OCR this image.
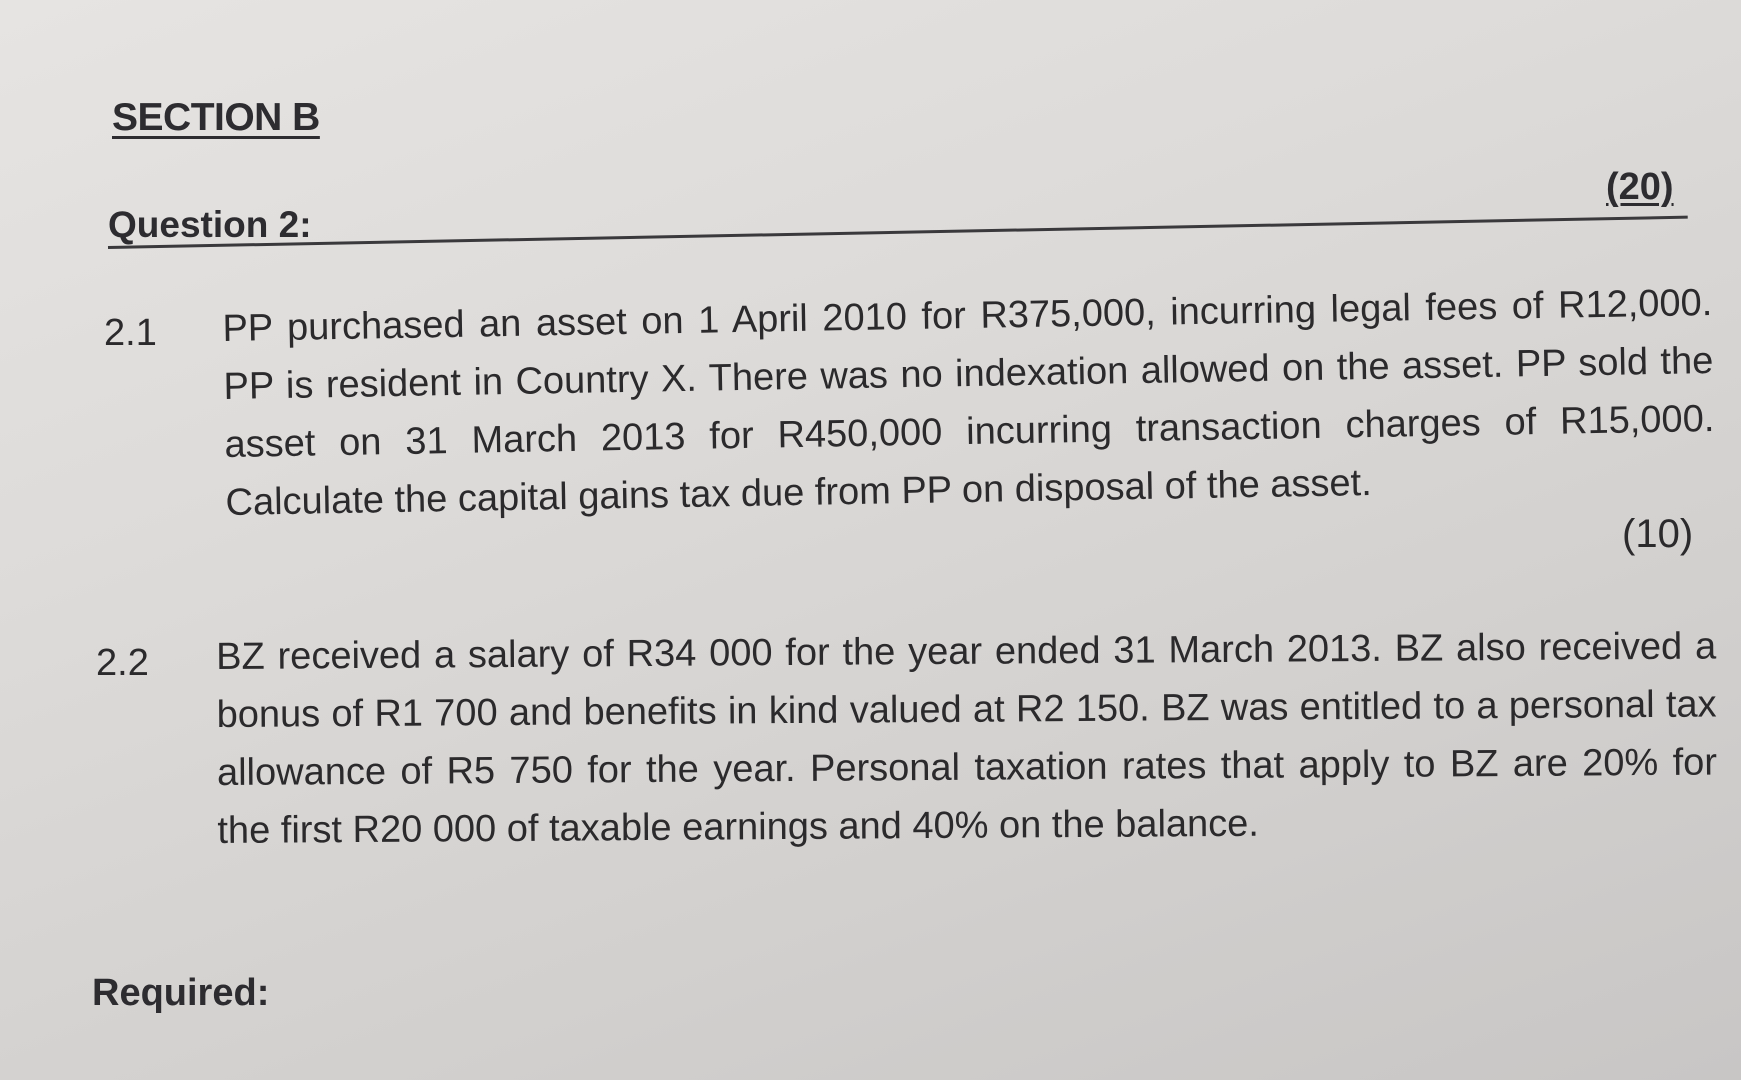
SECTION B
Question 2:
(20)
2.1 PP purchased an asset on 1 April 2010 for R375,000, incurring legal fees of R12,000. PP is resident in Country X. There was no indexation allowed on the asset. PP sold the asset on 31 March 2013 for R450,000 incurring transaction charges of R15,000. Calculate the capital gains tax due from PP on disposal of the asset.
(10)
2.2 BZ received a salary of R34 000 for the year ended 31 March 2013. BZ also received a bonus of R1 700 and benefits in kind valued at R2 150. BZ was entitled to a personal tax allowance of R5 750 for the year. Personal taxation rates that apply to BZ are 20% for the first R20 000 of taxable earnings and 40% on the balance.
Required:
